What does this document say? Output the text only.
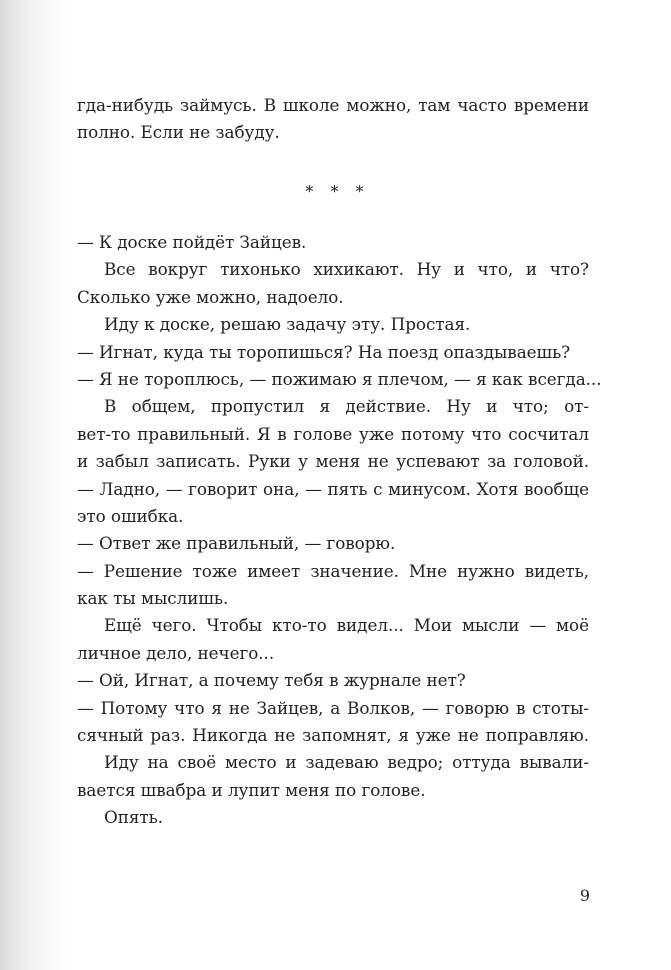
гда-нибудь займусь. В школе можно, там часто времени
полно. Если не забуду.
* * *
— К доске пойдёт Зайцев.
Все вокруг тихонько хихикают. Ну и что, и что?
Сколько уже можно, надоело.
Иду к доске, решаю задачу эту. Простая.
— Игнат, куда ты торопишься? На поезд опаздываешь?
— Я не тороплюсь, — пожимаю я плечом, — я как всегда...
В общем, пропустил я действие. Ну и что; от-
вет-то правильный. Я в голове уже потому что сосчитал
и забыл записать. Руки у меня не успевают за головой.
— Ладно, — говорит она, — пять с минусом. Хотя вообще
это ошибка.
— Ответ же правильный, — говорю.
— Решение тоже имеет значение. Мне нужно видеть,
как ты мыслишь.
Ещё чего. Чтобы кто-то видел... Мои мысли — моё
личное дело, нечего...
— Ой, Игнат, а почему тебя в журнале нет?
— Потому что я не Зайцев, а Волков, — говорю в стоты-
сячный раз. Никогда не запомнят, я уже не поправляю.
Иду на своё место и задеваю ведро; оттуда вывали-
вается швабра и лупит меня по голове.
Опять.
9
